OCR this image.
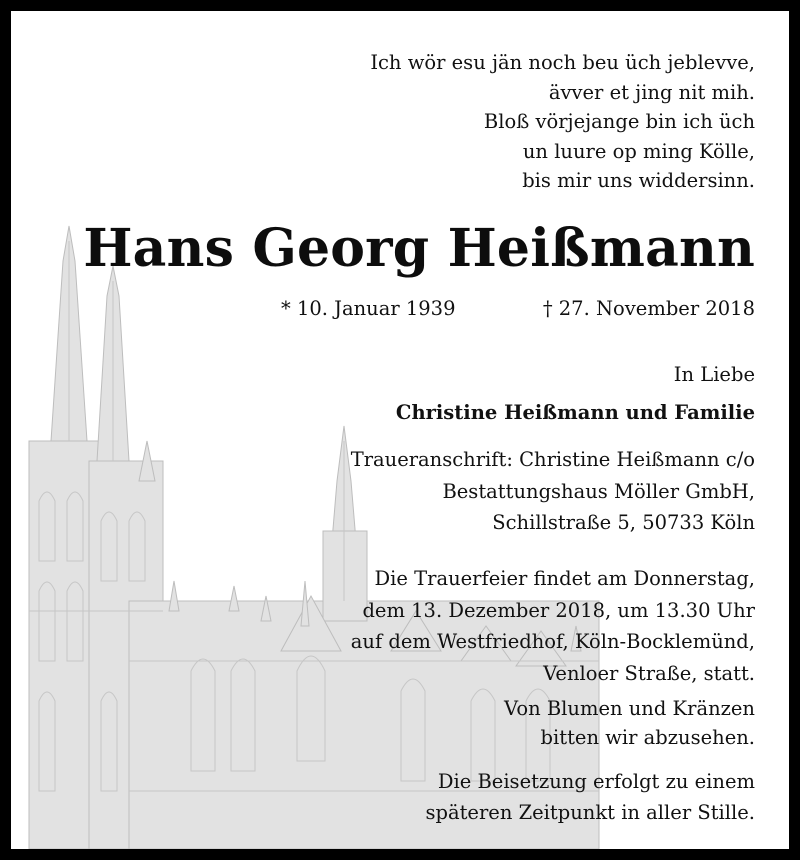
Ich wör esu jän noch beu üch jeblevve,
ävver et jing nit mih.
Bloß vörjejange bin ich üch
un luure op ming Kölle,
bis mir uns widdersinn.
Hans Georg Heißmann
* 10. Januar 1939	† 27. November 2018
In Liebe
Christine Heißmann und Familie
Traueranschrift: Christine Heißmann c/o
Bestattungshaus Möller GmbH,
Schillstraße 5, 50733 Köln
Die Trauerfeier findet am Donnerstag,
dem 13. Dezember 2018, um 13.30 Uhr
auf dem Westfriedhof, Köln-Bocklemünd,
Venloer Straße, statt.
Von Blumen und Kränzen
bitten wir abzusehen.
Die Beisetzung erfolgt zu einem
späteren Zeitpunkt in aller Stille.
